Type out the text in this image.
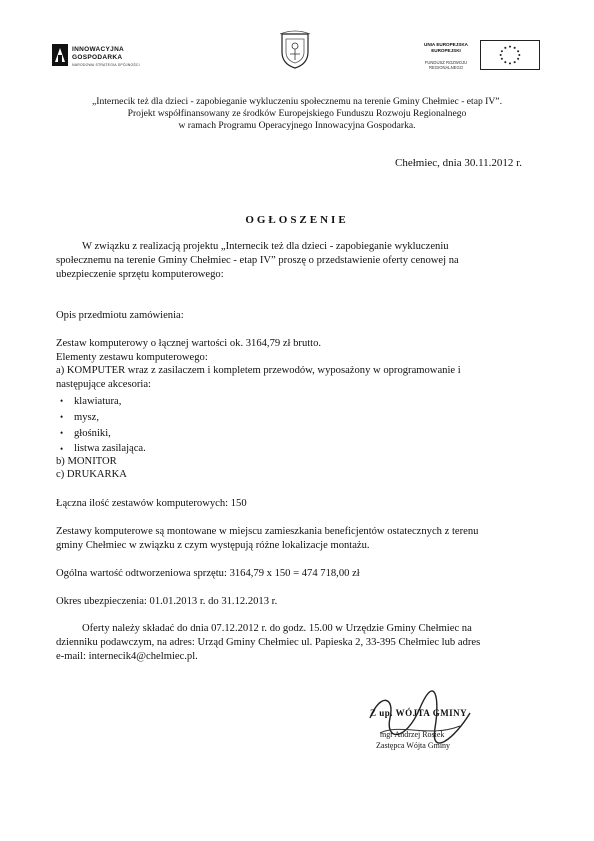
INNOWACYJNA
GOSPODARKA
NARODOWA STRATEGIA SPÓJNOŚCI
UNIA EUROPEJSKA
EUROPEJSKI
FUNDUSZ ROZWOJU REGIONALNEGO
„Internecik też dla dzieci - zapobieganie wykluczeniu społecznemu na terenie Gminy Chełmiec - etap IV”.
Projekt współfinansowany ze środków Europejskiego Funduszu Rozwoju Regionalnego
w ramach Programu Operacyjnego Innowacyjna Gospodarka.
Chełmiec, dnia 30.11.2012 r.
OGŁOSZENIE
W związku z realizacją projektu „Internecik też dla dzieci - zapobieganie wykluczeniu
społecznemu na terenie Gminy Chełmiec - etap IV” proszę o przedstawienie oferty cenowej na
ubezpieczenie sprzętu komputerowego:
Opis przedmiotu zamówienia:
Zestaw komputerowy o łącznej wartości ok. 3164,79 zł brutto.
Elementy zestawu komputerowego:
a) KOMPUTER wraz z zasilaczem i kompletem przewodów, wyposażony w oprogramowanie i
następujące akcesoria:
• klawiatura,
• mysz,
• głośniki,
• listwa zasilająca.
b) MONITOR
c) DRUKARKA
Łączna ilość zestawów komputerowych: 150
Zestawy komputerowe są montowane w miejscu zamieszkania beneficjentów ostatecznych z terenu
gminy Chełmiec w związku z czym występują różne lokalizacje montażu.
Ogólna wartość odtworzeniowa sprzętu: 3164,79 x 150 = 474 718,00 zł
Okres ubezpieczenia: 01.01.2013 r. do 31.12.2013 r.
Oferty należy składać do dnia 07.12.2012 r. do godz. 15.00 w Urzędzie Gminy Chełmiec na
dzienniku podawczym, na adres: Urząd Gminy Chełmiec ul. Papieska 2, 33-395 Chełmiec lub adres
e-mail: internecik4@chelmiec.pl.
Z up. WÓJTA GMINY
mgr Andrzej Rosiek
Zastępca Wójta Gminy
